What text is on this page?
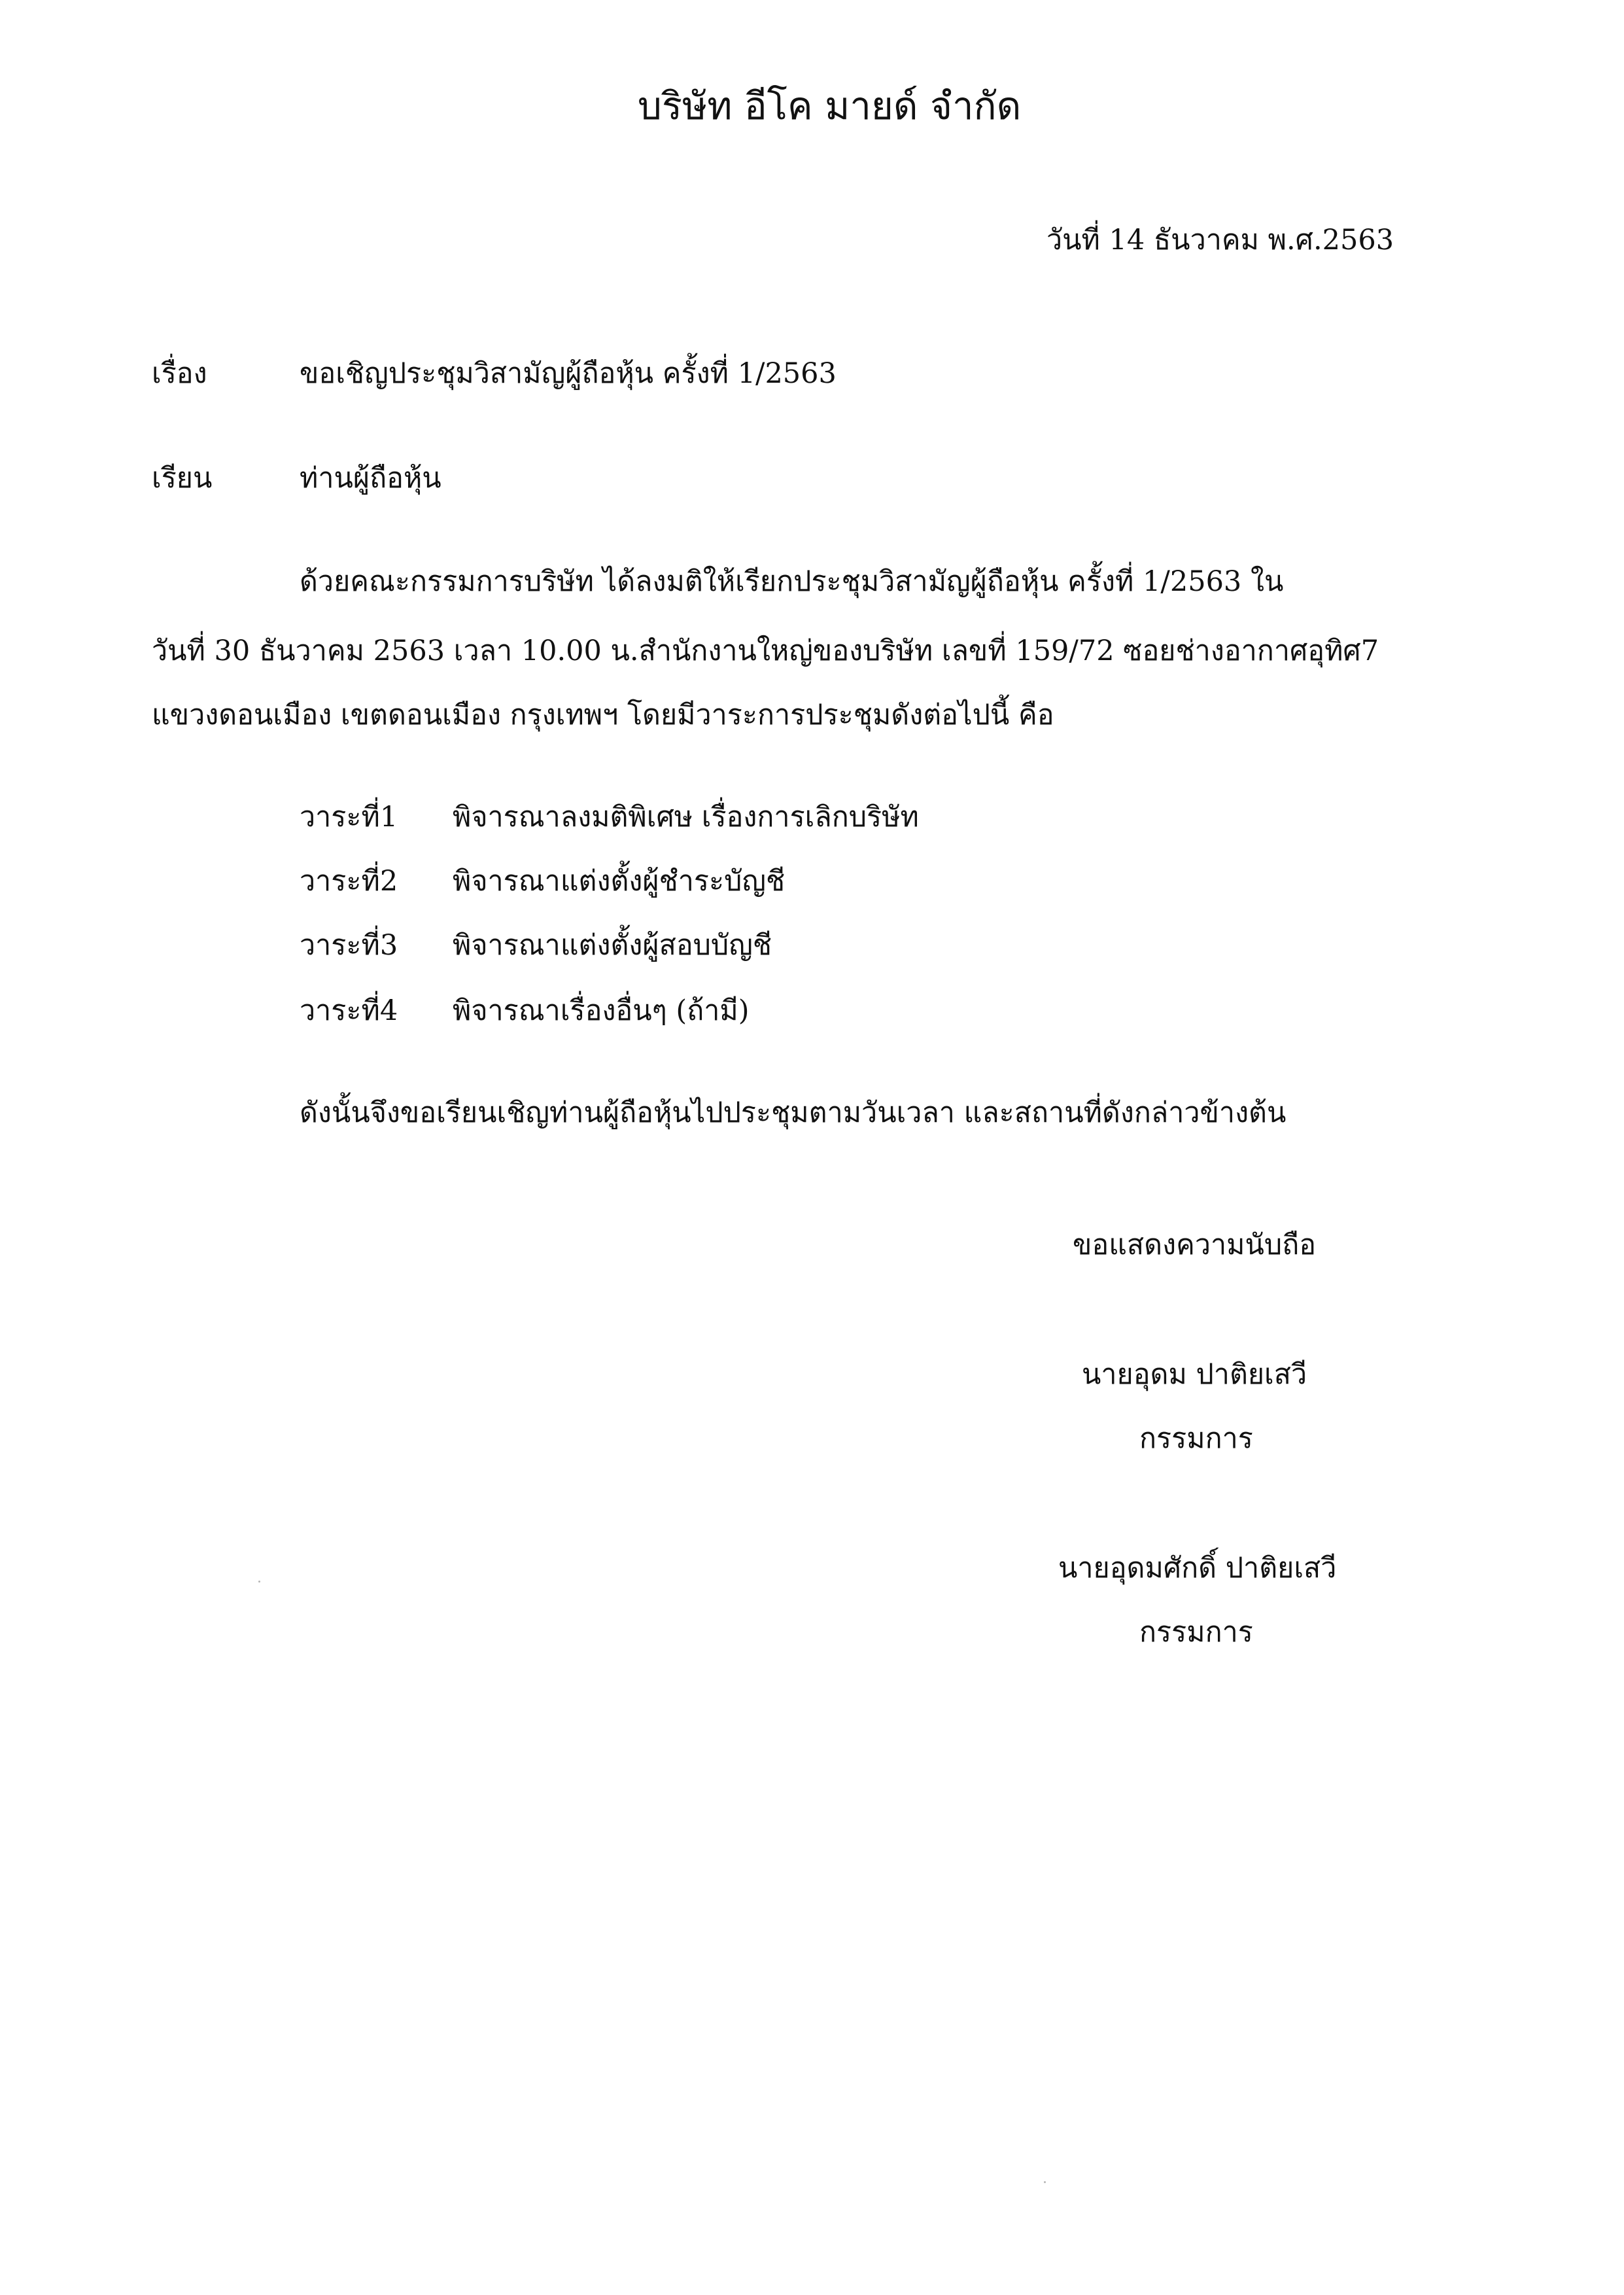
บริษัท อีโค มายด์ จำกัด
วันที่ 14 ธันวาคม พ.ศ.2563
เรื่อง	ขอเชิญประชุมวิสามัญผู้ถือหุ้น ครั้งที่ 1/2563
เรียน	ท่านผู้ถือหุ้น
ด้วยคณะกรรมการบริษัท ได้ลงมติให้เรียกประชุมวิสามัญผู้ถือหุ้น ครั้งที่ 1/2563 ใน
วันที่ 30 ธันวาคม 2563 เวลา 10.00 น.สำนักงานใหญ่ของบริษัท เลขที่ 159/72 ซอยช่างอากาศอุทิศ7
แขวงดอนเมือง เขตดอนเมือง กรุงเทพฯ โดยมีวาระการประชุมดังต่อไปนี้ คือ
วาระที่1 พิจารณาลงมติพิเศษ เรื่องการเลิกบริษัท
วาระที่2 พิจารณาแต่งตั้งผู้ชำระบัญชี
วาระที่3 พิจารณาแต่งตั้งผู้สอบบัญชี
วาระที่4 พิจารณาเรื่องอื่นๆ (ถ้ามี)
ดังนั้นจึงขอเรียนเชิญท่านผู้ถือหุ้นไปประชุมตามวันเวลา และสถานที่ดังกล่าวข้างต้น
ขอแสดงความนับถือ
นายอุดม ปาติยเสวี
กรรมการ
นายอุดมศักดิ์ ปาติยเสวี
กรรมการ
